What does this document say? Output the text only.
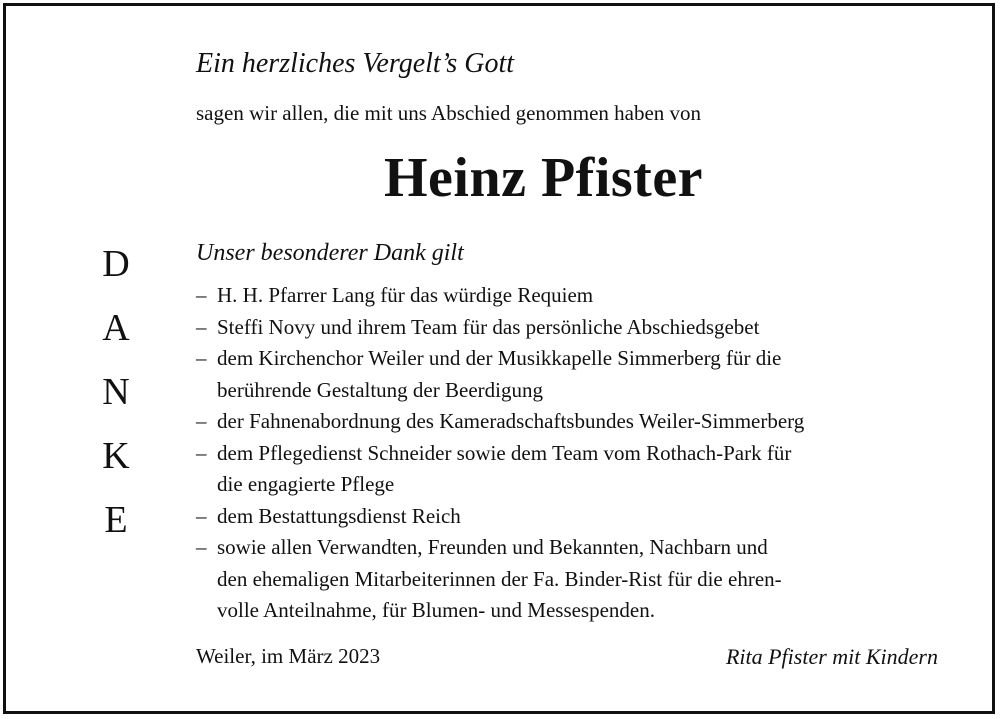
D
A
N
K
E
Ein herzliches Vergelt’s Gott
sagen wir allen, die mit uns Abschied genommen haben von
Heinz Pfister
Unser besonderer Dank gilt
– H. H. Pfarrer Lang für das würdige Requiem
– Steffi Novy und ihrem Team für das persönliche Abschiedsgebet
– dem Kirchenchor Weiler und der Musikkapelle Simmerberg für die
berührende Gestaltung der Beerdigung
– der Fahnenabordnung des Kameradschaftsbundes Weiler-Simmerberg
– dem Pflegedienst Schneider sowie dem Team vom Rothach-Park für
die engagierte Pflege
– dem Bestattungsdienst Reich
– sowie allen Verwandten, Freunden und Bekannten, Nachbarn und
den ehemaligen Mitarbeiterinnen der Fa. Binder-Rist für die ehren-
volle Anteilnahme, für Blumen- und Messespenden.
Weiler, im März 2023	Rita Pfister mit Kindern
